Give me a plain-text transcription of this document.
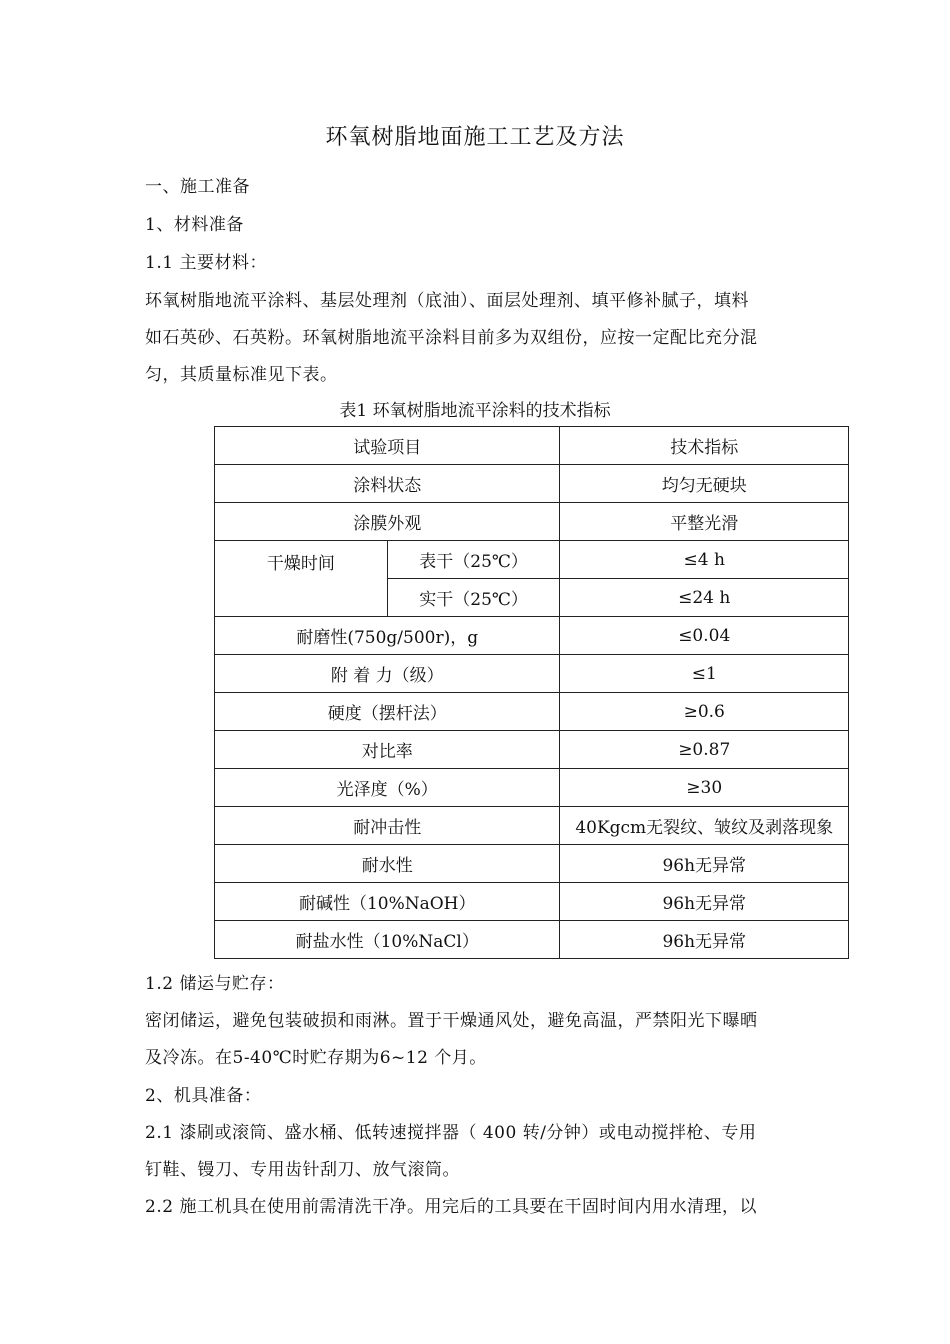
环氧树脂地面施工工艺及方法
一、施工准备
1、材料准备
1.1 主要材料：
环氧树脂地流平涂料、基层处理剂（底油）、面层处理剂、填平修补腻子，填料
如石英砂、石英粉。环氧树脂地流平涂料目前多为双组份，应按一定配比充分混
匀，其质量标准见下表。
表1 环氧树脂地流平涂料的技术指标
试验项目		技术指标
涂料状态		均匀无硬块
涂膜外观		平整光滑
干燥时间	表干（25℃）	≤4 h
	实干（25℃）	≤24 h
耐磨性(750g/500r)，g		≤0.04
附 着 力（级）		≤1
硬度（摆杆法）		≥0.6
对比率		≥0.87
光泽度（%）		≥30
耐冲击性		40Kgcm无裂纹、皱纹及剥落现象
耐水性		96h无异常
耐碱性（10%NaOH）		96h无异常
耐盐水性（10%NaCl）		96h无异常
1.2 储运与贮存：
密闭储运，避免包装破损和雨淋。置于干燥通风处，避免高温，严禁阳光下曝晒
及冷冻。在5-40℃时贮存期为6~12 个月。
2、机具准备：
2.1 漆刷或滚筒、盛水桶、低转速搅拌器（ 400 转/分钟）或电动搅拌枪、专用
钉鞋、镘刀、专用齿针刮刀、放气滚筒。
2.2 施工机具在使用前需清洗干净。用完后的工具要在干固时间内用水清理，以
